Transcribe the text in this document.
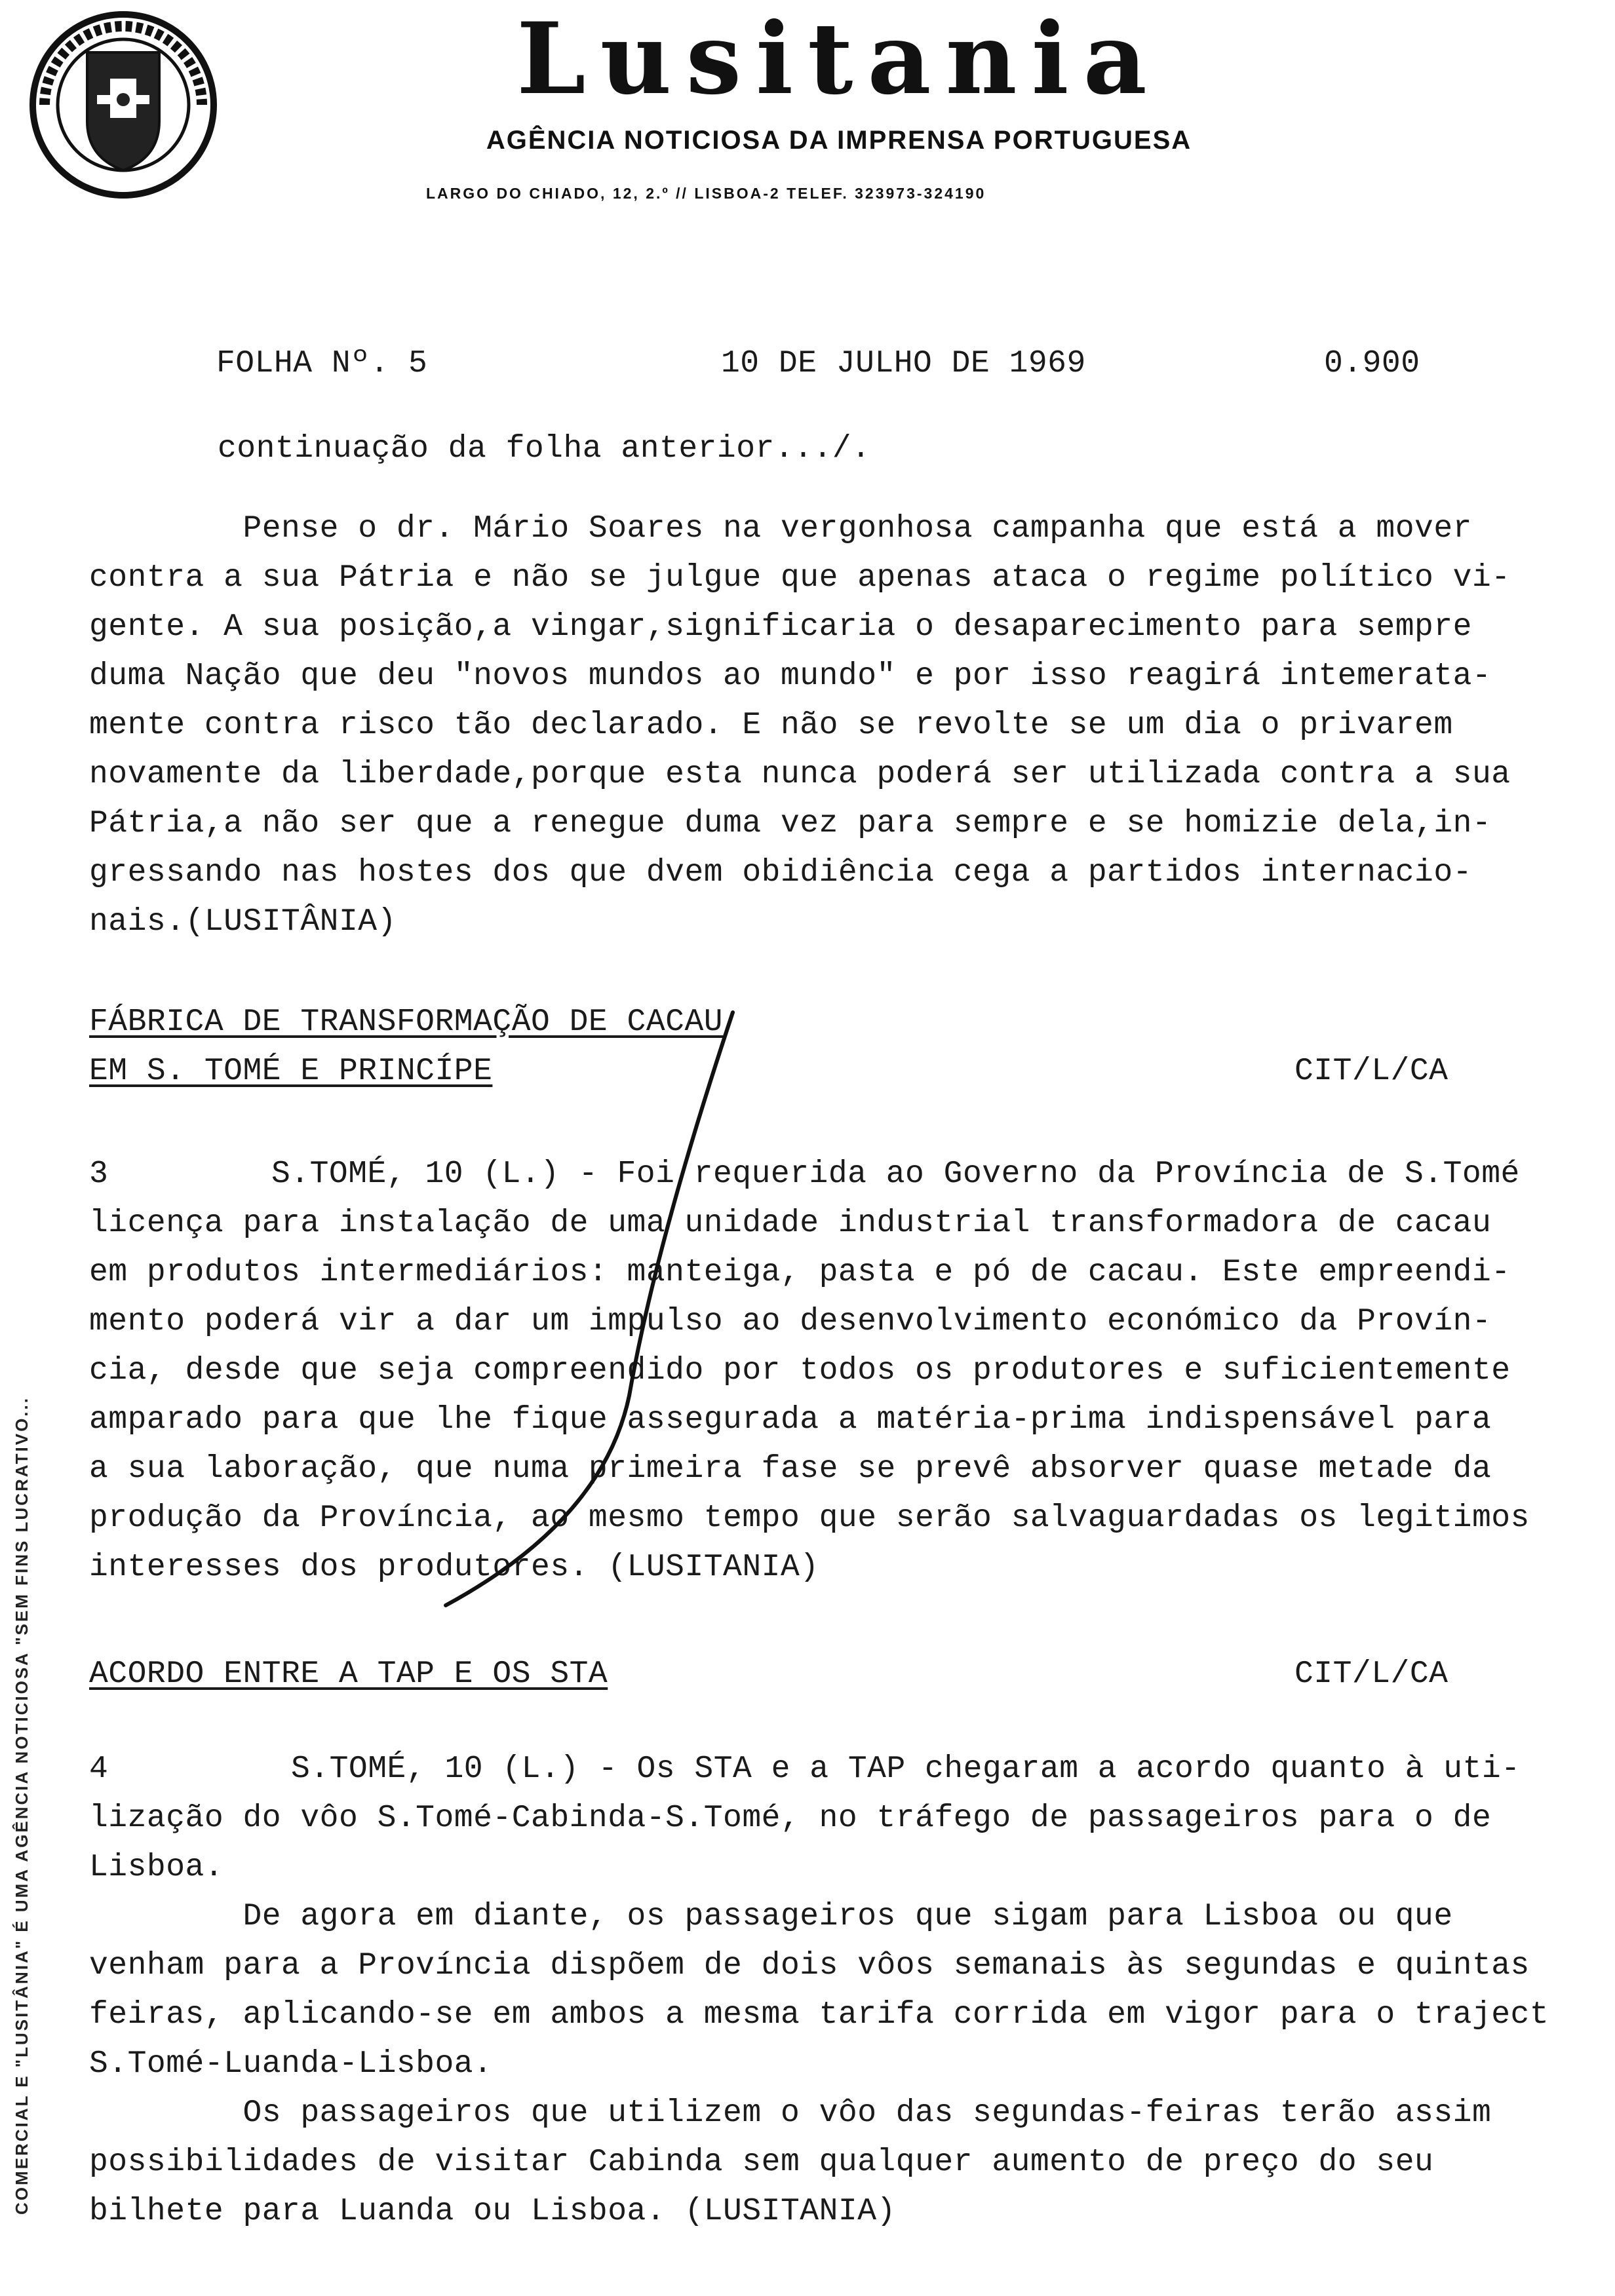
Lusitania
AGÊNCIA NOTICIOSA DA IMPRENSA PORTUGUESA
LARGO DO CHIADO, 12, 2.º // LISBOA-2 TELEF. 323973-324190
COMERCIAL E "LUSITÂNIA" É UMA AGÊNCIA NOTICIOSA "SEM FINS LUCRATIVO...
FOLHA Nº. 5	10 DE JULHO DE 1969	0.900
continuação da folha anterior.../.

Pense o dr. Mário Soares na vergonhosa campanha que está a mover

contra a sua Pátria e não se julgue que apenas ataca o regime político vi-

gente. A sua posição,a vingar,significaria o desaparecimento para sempre

duma Nação que deu "novos mundos ao mundo" e por isso reagirá intemerata-

mente contra risco tão declarado. E não se revolte se um dia o privarem

novamente da liberdade,porque esta nunca poderá ser utilizada contra a sua

Pátria,a não ser que a renegue duma vez para sempre e se homizie dela,in-

gressando nas hostes dos que dvem obidiência cega a partidos internacio-

nais.(LUSITÂNIA)

FÁBRICA DE TRANSFORMAÇÃO DE CACAU
EM S. TOMÉ E PRINCÍPE	CIT/L/CA
3	S.TOMÉ, 10 (L.) - Foi requerida ao Governo da Província de S.Tomé

licença para instalação de uma unidade industrial transformadora de cacau

em produtos intermediários: manteiga, pasta e pó de cacau. Este empreendi-

mento poderá vir a dar um impulso ao desenvolvimento económico da Provín-

cia, desde que seja compreendido por todos os produtores e suficientemente

amparado para que lhe fique assegurada a matéria-prima indispensável para

a sua laboração, que numa primeira fase se prevê absorver quase metade da

produção da Província, ao mesmo tempo que serão salvaguardadas os legitimos

interesses dos produtores. (LUSITANIA)

ACORDO ENTRE A TAP E OS STA	CIT/L/CA
4	S.TOMÉ, 10 (L.) - Os STA e a TAP chegaram a acordo quanto à uti-

lização do vôo S.Tomé-Cabinda-S.Tomé, no tráfego de passageiros para o de

Lisboa.

De agora em diante, os passageiros que sigam para Lisboa ou que

venham para a Província dispõem de dois vôos semanais às segundas e quintas

feiras, aplicando-se em ambos a mesma tarifa corrida em vigor para o traject

S.Tomé-Luanda-Lisboa.

Os passageiros que utilizem o vôo das segundas-feiras terão assim

possibilidades de visitar Cabinda sem qualquer aumento de preço do seu

bilhete para Luanda ou Lisboa. (LUSITANIA)
